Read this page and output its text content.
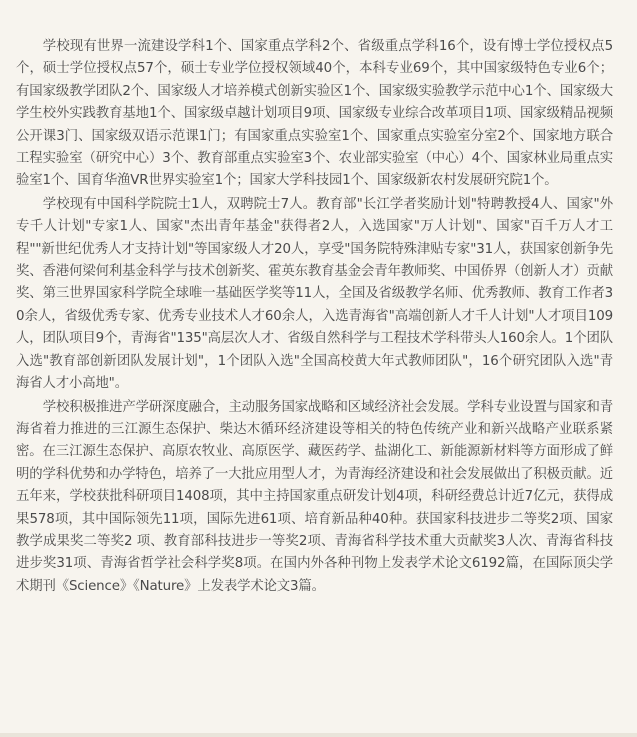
学校现有世界一流建设学科1个、国家重点学科2个、省级重点学科16个，设有博士学位授权点5个，硕士学位授权点57个，硕士专业学位授权领域40个，本科专业69个，其中国家级特色专业6个；有国家级教学团队2个、国家级人才培养模式创新实验区1个、国家级实验教学示范中心1个、国家级大学生校外实践教育基地1个、国家级卓越计划项目9项、国家级专业综合改革项目1项、国家级精品视频公开课3门、国家级双语示范课1门；有国家重点实验室1个、国家重点实验室分室2个、国家地方联合工程实验室（研究中心）3个、教育部重点实验室3个、农业部实验室（中心）4个、国家林业局重点实验室1个、国育华渔VR世界实验室1个；国家大学科技园1个、国家级新农村发展研究院1个。

学校现有中国科学院院士1人，双聘院士7人。教育部"长江学者奖励计划"特聘教授4人、国家"外专千人计划"专家1人、国家"杰出青年基金"获得者2人，入选国家"万人计划"、国家"百千万人才工程""新世纪优秀人才支持计划"等国家级人才20人，享受"国务院特殊津贴专家"31人，获国家创新争先奖、香港何梁何利基金科学与技术创新奖、霍英东教育基金会青年教师奖、中国侨界（创新人才）贡献奖、第三世界国家科学院全球唯一基础医学奖等11人，全国及省级教学名师、优秀教师、教育工作者30余人，省级优秀专家、优秀专业技术人才60余人，入选青海省"高端创新人才千人计划"人才项目109人，团队项目9个，青海省"135"高层次人才、省级自然科学与工程技术学科带头人160余人。1个团队入选"教育部创新团队发展计划"，1个团队入选"全国高校黄大年式教师团队"，16个研究团队入选"青海省人才小高地"。

学校积极推进产学研深度融合，主动服务国家战略和区域经济社会发展。学科专业设置与国家和青海省着力推进的三江源生态保护、柴达木循环经济建设等相关的特色传统产业和新兴战略产业联系紧密。在三江源生态保护、高原农牧业、高原医学、藏医药学、盐湖化工、新能源新材料等方面形成了鲜明的学科优势和办学特色，培养了一大批应用型人才，为青海经济建设和社会发展做出了积极贡献。近五年来，学校获批科研项目1408项，其中主持国家重点研发计划4项，科研经费总计近7亿元，获得成果578项，其中国际领先11项，国际先进61项、培育新品种40种。获国家科技进步二等奖2项、国家教学成果奖二等奖2 项、教育部科技进步一等奖2项、青海省科学技术重大贡献奖3人次、青海省科技进步奖31项、青海省哲学社会科学奖8项。在国内外各种刊物上发表学术论文6192篇，在国际顶尖学术期刊《Science》《Nature》上发表学术论文3篇。
